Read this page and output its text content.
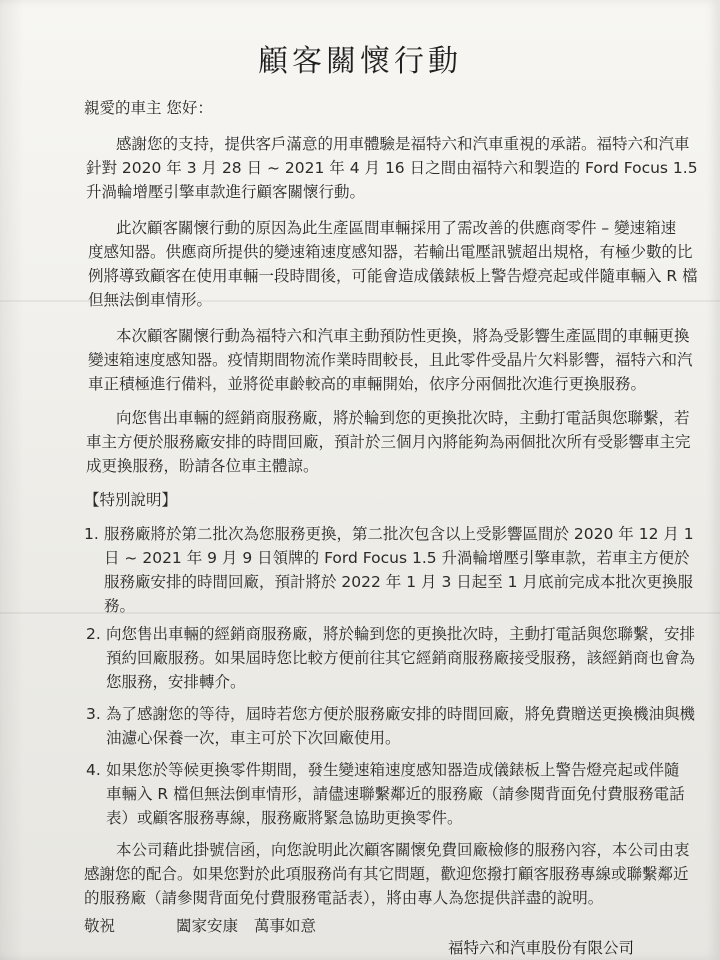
顧客關懷行動
親愛的車主 您好：
感謝您的支持，提供客戶滿意的用車體驗是福特六和汽車重視的承諾。福特六和汽車
針對 2020 年 3 月 28 日 ~ 2021 年 4 月 16 日之間由福特六和製造的 Ford Focus 1.5
升渦輪增壓引擎車款進行顧客關懷行動。
此次顧客關懷行動的原因為此生產區間車輛採用了需改善的供應商零件 – 變速箱速
度感知器。供應商所提供的變速箱速度感知器，若輸出電壓訊號超出規格，有極少數的比
例將導致顧客在使用車輛一段時間後，可能會造成儀錶板上警告燈亮起或伴隨車輛入 R 檔
但無法倒車情形。
本次顧客關懷行動為福特六和汽車主動預防性更換，將為受影響生產區間的車輛更換
變速箱速度感知器。疫情期間物流作業時間較長，且此零件受晶片欠料影響，福特六和汽
車正積極進行備料，並將從車齡較高的車輛開始，依序分兩個批次進行更換服務。
向您售出車輛的經銷商服務廠，將於輪到您的更換批次時，主動打電話與您聯繫，若
車主方便於服務廠安排的時間回廠，預計於三個月內將能夠為兩個批次所有受影響車主完
成更換服務，盼請各位車主體諒。
【特別說明】
1. 服務廠將於第二批次為您服務更換，第二批次包含以上受影響區間於 2020 年 12 月 1
日 ~ 2021 年 9 月 9 日領牌的 Ford Focus 1.5 升渦輪增壓引擎車款，若車主方便於
服務廠安排的時間回廠，預計將於 2022 年 1 月 3 日起至 1 月底前完成本批次更換服
務。
2. 向您售出車輛的經銷商服務廠，將於輪到您的更換批次時，主動打電話與您聯繫，安排
預約回廠服務。如果屆時您比較方便前往其它經銷商服務廠接受服務，該經銷商也會為
您服務，安排轉介。
3. 為了感謝您的等待，屆時若您方便於服務廠安排的時間回廠，將免費贈送更換機油與機
油濾心保養一次，車主可於下次回廠使用。
4. 如果您於等候更換零件期間，發生變速箱速度感知器造成儀錶板上警告燈亮起或伴隨
車輛入 R 檔但無法倒車情形，請儘速聯繫鄰近的服務廠（請參閱背面免付費服務電話
表）或顧客服務專線，服務廠將緊急協助更換零件。
本公司藉此掛號信函，向您說明此次顧客關懷免費回廠檢修的服務內容，本公司由衷
感謝您的配合。如果您對於此項服務尚有其它問題，歡迎您撥打顧客服務專線或聯繫鄰近
的服務廠（請參閱背面免付費服務電話表），將由專人為您提供詳盡的說明。
敬祝	闔家安康 萬事如意
福特六和汽車股份有限公司
